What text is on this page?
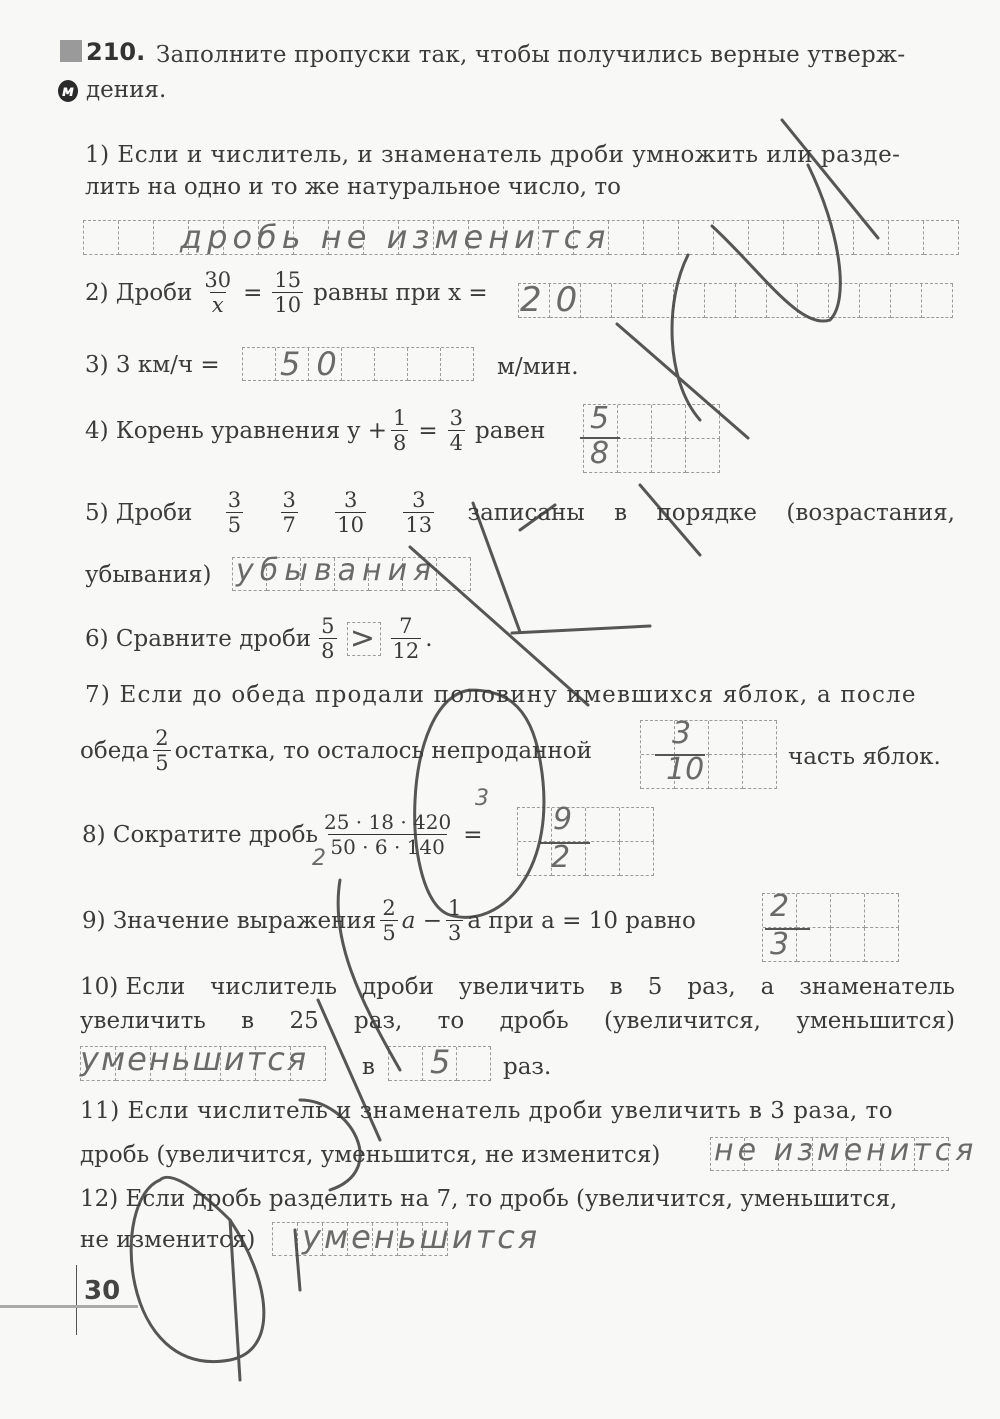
210. Заполните пропуски так, чтобы получились верные утверж-
м дения.
1) Если и числитель, и знаменатель дроби умножить или разде-
лить на одно и то же натуральное число, то
дробь не изменится
2) Дроби $\frac{30}{x} = \frac{15}{10}$ равны при x = 20
3) 3 км/ч = 50	м/мин.
4) Корень уравнения $y + \frac{1}{8} = \frac{3}{4}$ равен 5
8
5) Дроби $\frac{3}{5} \frac{3}{7} \frac{3}{10} \frac{3}{13}$ записаны в порядке (возрастания,
убывания) убывания
6) Сравните дроби $\frac{5}{8} > \frac{7}{12}$ .
7) Если до обеда продали половину имевшихся яблок, а после
обеда $\frac{2}{5}$ остатка, то осталось непроданной	3
10	часть яблок.
8) Сократите дробь $\frac{25 \cdot 18 \cdot 420}{50 \cdot 6 \cdot 140} = 9$
2
2
3
9) Значение выражения $\frac{2}{5}$ $a - \frac{1}{3}$ a при a = 10 равно 2
3
10) Если числитель дроби увеличить в 5 раз, а знаменатель
увеличить в 25 раз, то дробь (увеличится, уменьшится)
уменьшится в 5 раз.
11) Если числитель и знаменатель дроби увеличить в 3 раза, то
дробь (увеличится, уменьшится, не изменится) не изменится
12) Если дробь разделить на 7, то дробь (увеличится, уменьшится,
не изменится) уменьшится
30
